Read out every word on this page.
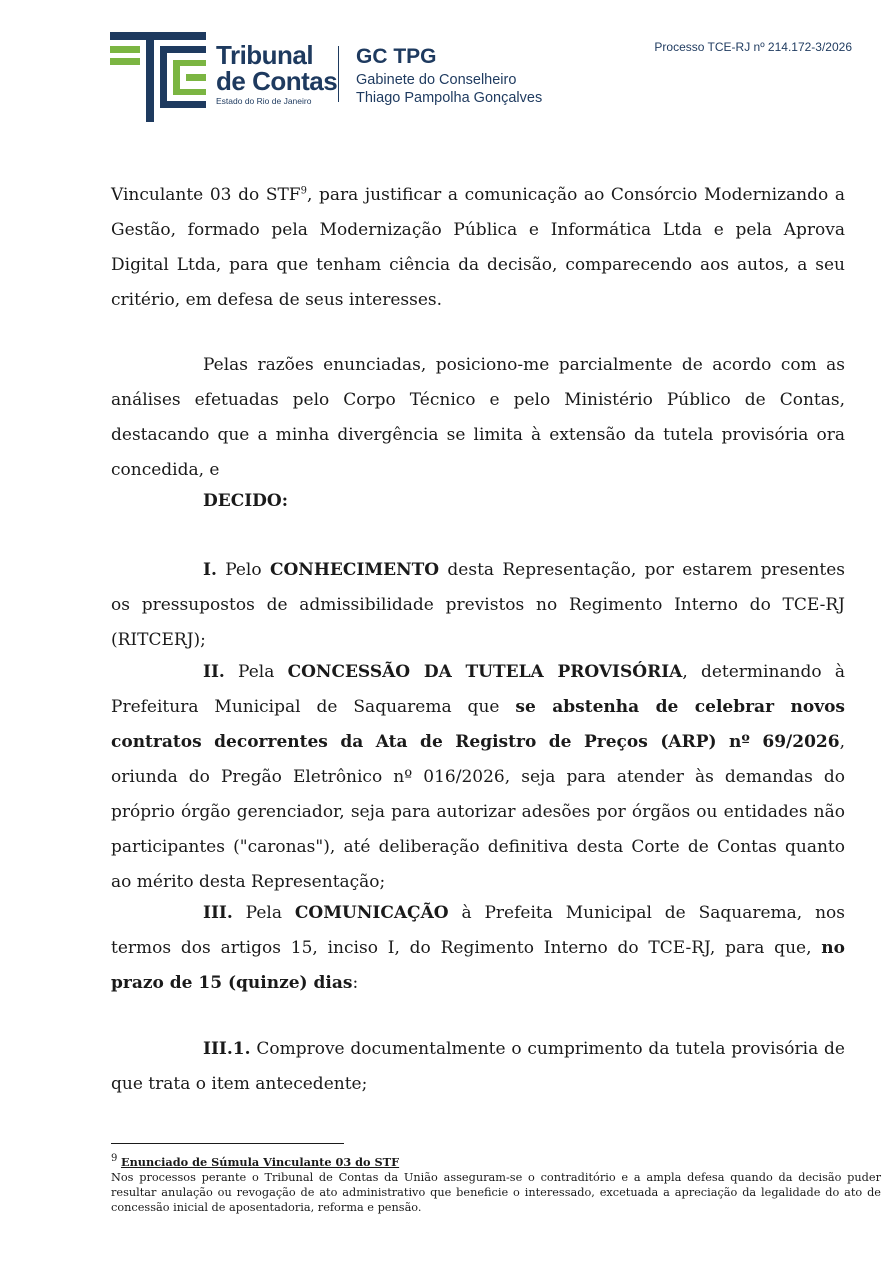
Tribunal
de Contas
Estado do Rio de Janeiro
GC TPG
Gabinete do Conselheiro
Thiago Pampolha Gonçalves
Processo TCE-RJ nº 214.172-3/2026

Vinculante 03 do STF$^9$, para justificar a comunicação ao Consórcio Modernizando a Gestão, formado pela Modernização Pública e Informática Ltda e pela Aprova Digital Ltda, para que tenham ciência da decisão, comparecendo aos autos, a seu critério, em defesa de seus interesses.

Pelas razões enunciadas, posiciono-me parcialmente de acordo com as análises efetuadas pelo Corpo Técnico e pelo Ministério Público de Contas, destacando que a minha divergência se limita à extensão da tutela provisória ora concedida, e

DECIDO:

I. Pelo CONHECIMENTO desta Representação, por estarem presentes os pressupostos de admissibilidade previstos no Regimento Interno do TCE-RJ (RITCERJ);

II. Pela CONCESSÃO DA TUTELA PROVISÓRIA, determinando à Prefeitura Municipal de Saquarema que se abstenha de celebrar novos contratos decorrentes da Ata de Registro de Preços (ARP) nº 69/2026, oriunda do Pregão Eletrônico nº 016/2026, seja para atender às demandas do próprio órgão gerenciador, seja para autorizar adesões por órgãos ou entidades não participantes ("caronas"), até deliberação definitiva desta Corte de Contas quanto ao mérito desta Representação;

III. Pela COMUNICAÇÃO à Prefeita Municipal de Saquarema, nos termos dos artigos 15, inciso I, do Regimento Interno do TCE-RJ, para que, no prazo de 15 (quinze) dias:

III.1. Comprove documentalmente o cumprimento da tutela provisória de que trata o item antecedente;

$^9$ Enunciado de Súmula Vinculante 03 do STF
Nos processos perante o Tribunal de Contas da União asseguram-se o contraditório e a ampla defesa quando da decisão puder resultar anulação ou revogação de ato administrativo que beneficie o interessado, excetuada a apreciação da legalidade do ato de concessão inicial de aposentadoria, reforma e pensão.
